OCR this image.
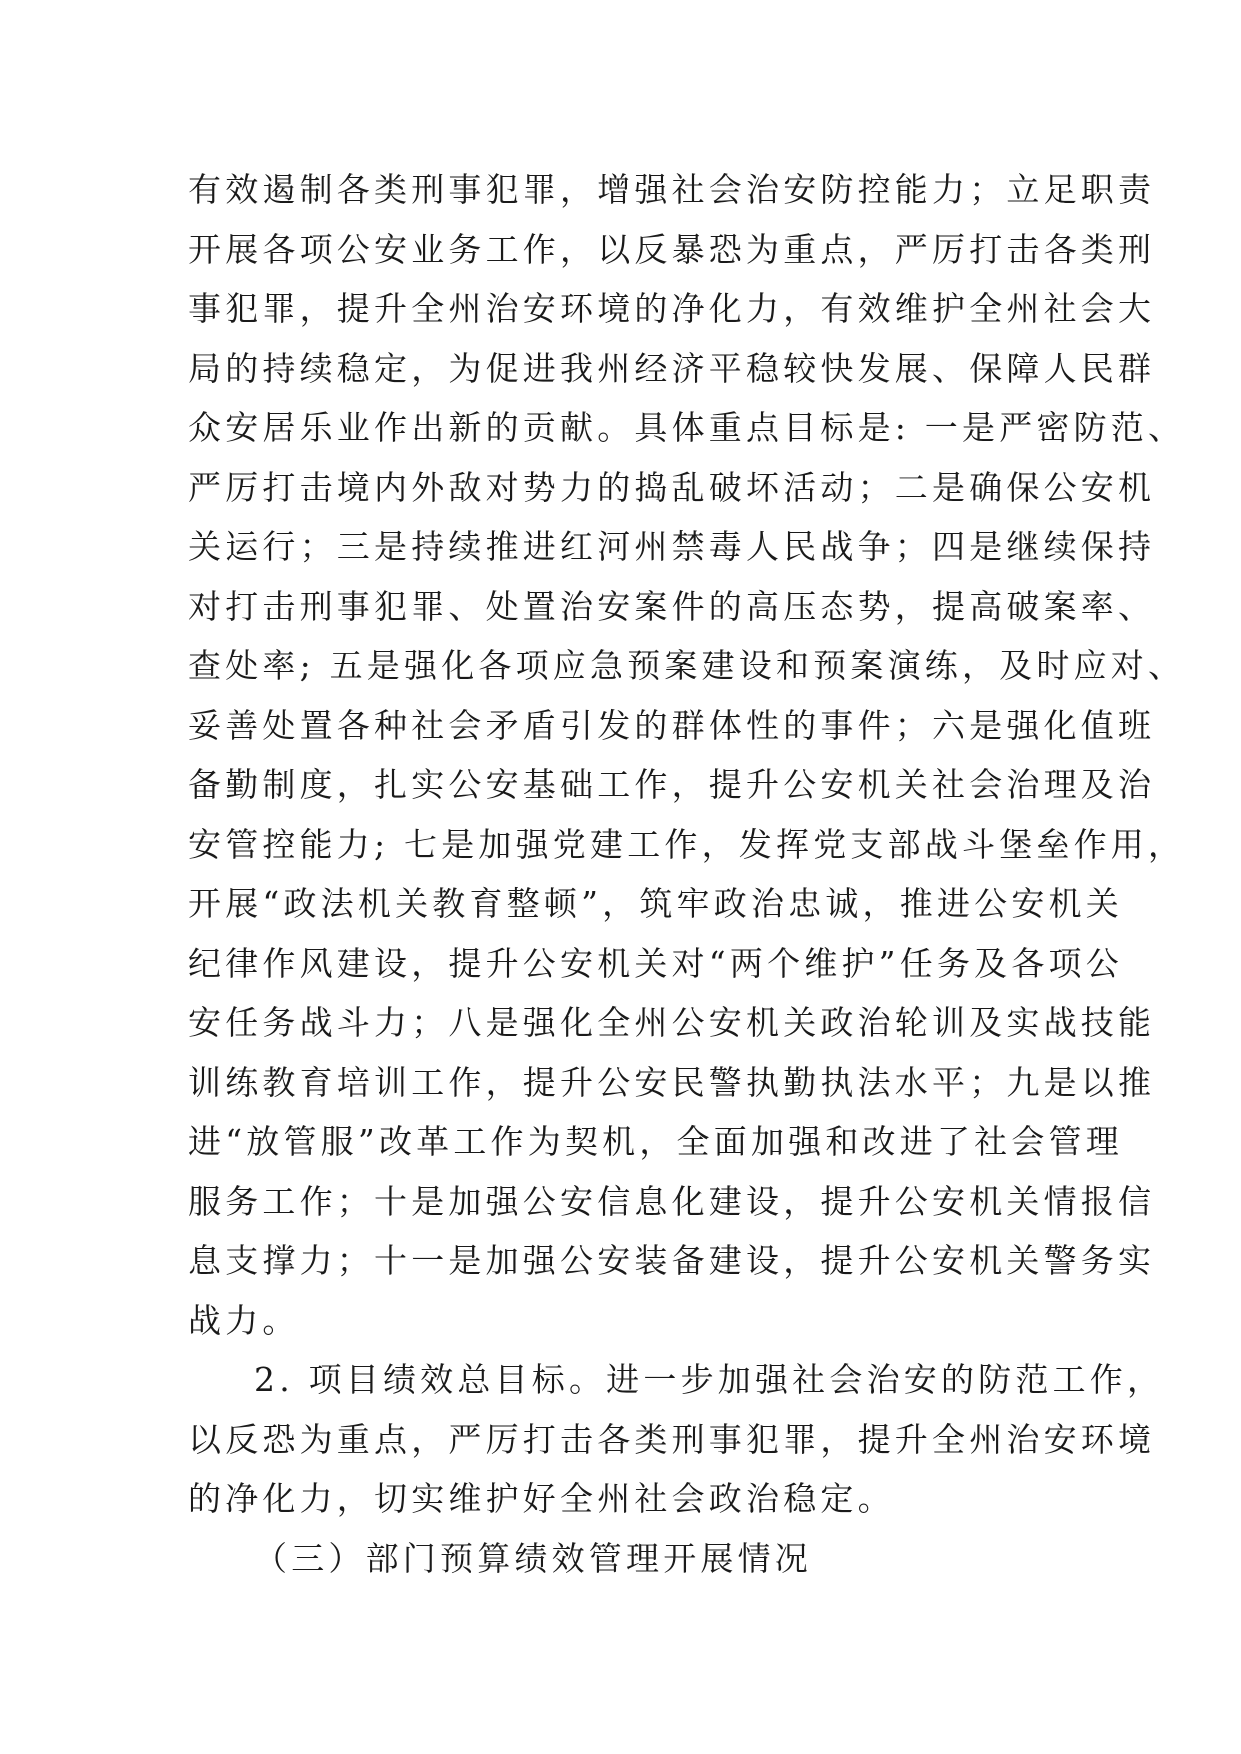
有效遏制各类刑事犯罪，增强社会治安防控能力；立足职责
开展各项公安业务工作，以反暴恐为重点，严厉打击各类刑
事犯罪，提升全州治安环境的净化力，有效维护全州社会大
局的持续稳定，为促进我州经济平稳较快发展、保障人民群
众安居乐业作出新的贡献。具体重点目标是: 一是严密防范、
严厉打击境内外敌对势力的捣乱破坏活动；二是确保公安机
关运行；三是持续推进红河州禁毒人民战争；四是继续保持
对打击刑事犯罪、处置治安案件的高压态势，提高破案率、
查处率; 五是强化各项应急预案建设和预案演练，及时应对、
妥善处置各种社会矛盾引发的群体性的事件；六是强化值班
备勤制度，扎实公安基础工作，提升公安机关社会治理及治
安管控能力; 七是加强党建工作，发挥党支部战斗堡垒作用，
开展“政法机关教育整顿”，筑牢政治忠诚，推进公安机关
纪律作风建设，提升公安机关对“两个维护”任务及各项公
安任务战斗力；八是强化全州公安机关政治轮训及实战技能
训练教育培训工作，提升公安民警执勤执法水平；九是以推
进“放管服”改革工作为契机，全面加强和改进了社会管理
服务工作；十是加强公安信息化建设，提升公安机关情报信
息支撑力；十一是加强公安装备建设，提升公安机关警务实
战力。
2. 项目绩效总目标。进一步加强社会治安的防范工作，
以反恐为重点，严厉打击各类刑事犯罪，提升全州治安环境
的净化力，切实维护好全州社会政治稳定。
（三）部门预算绩效管理开展情况
